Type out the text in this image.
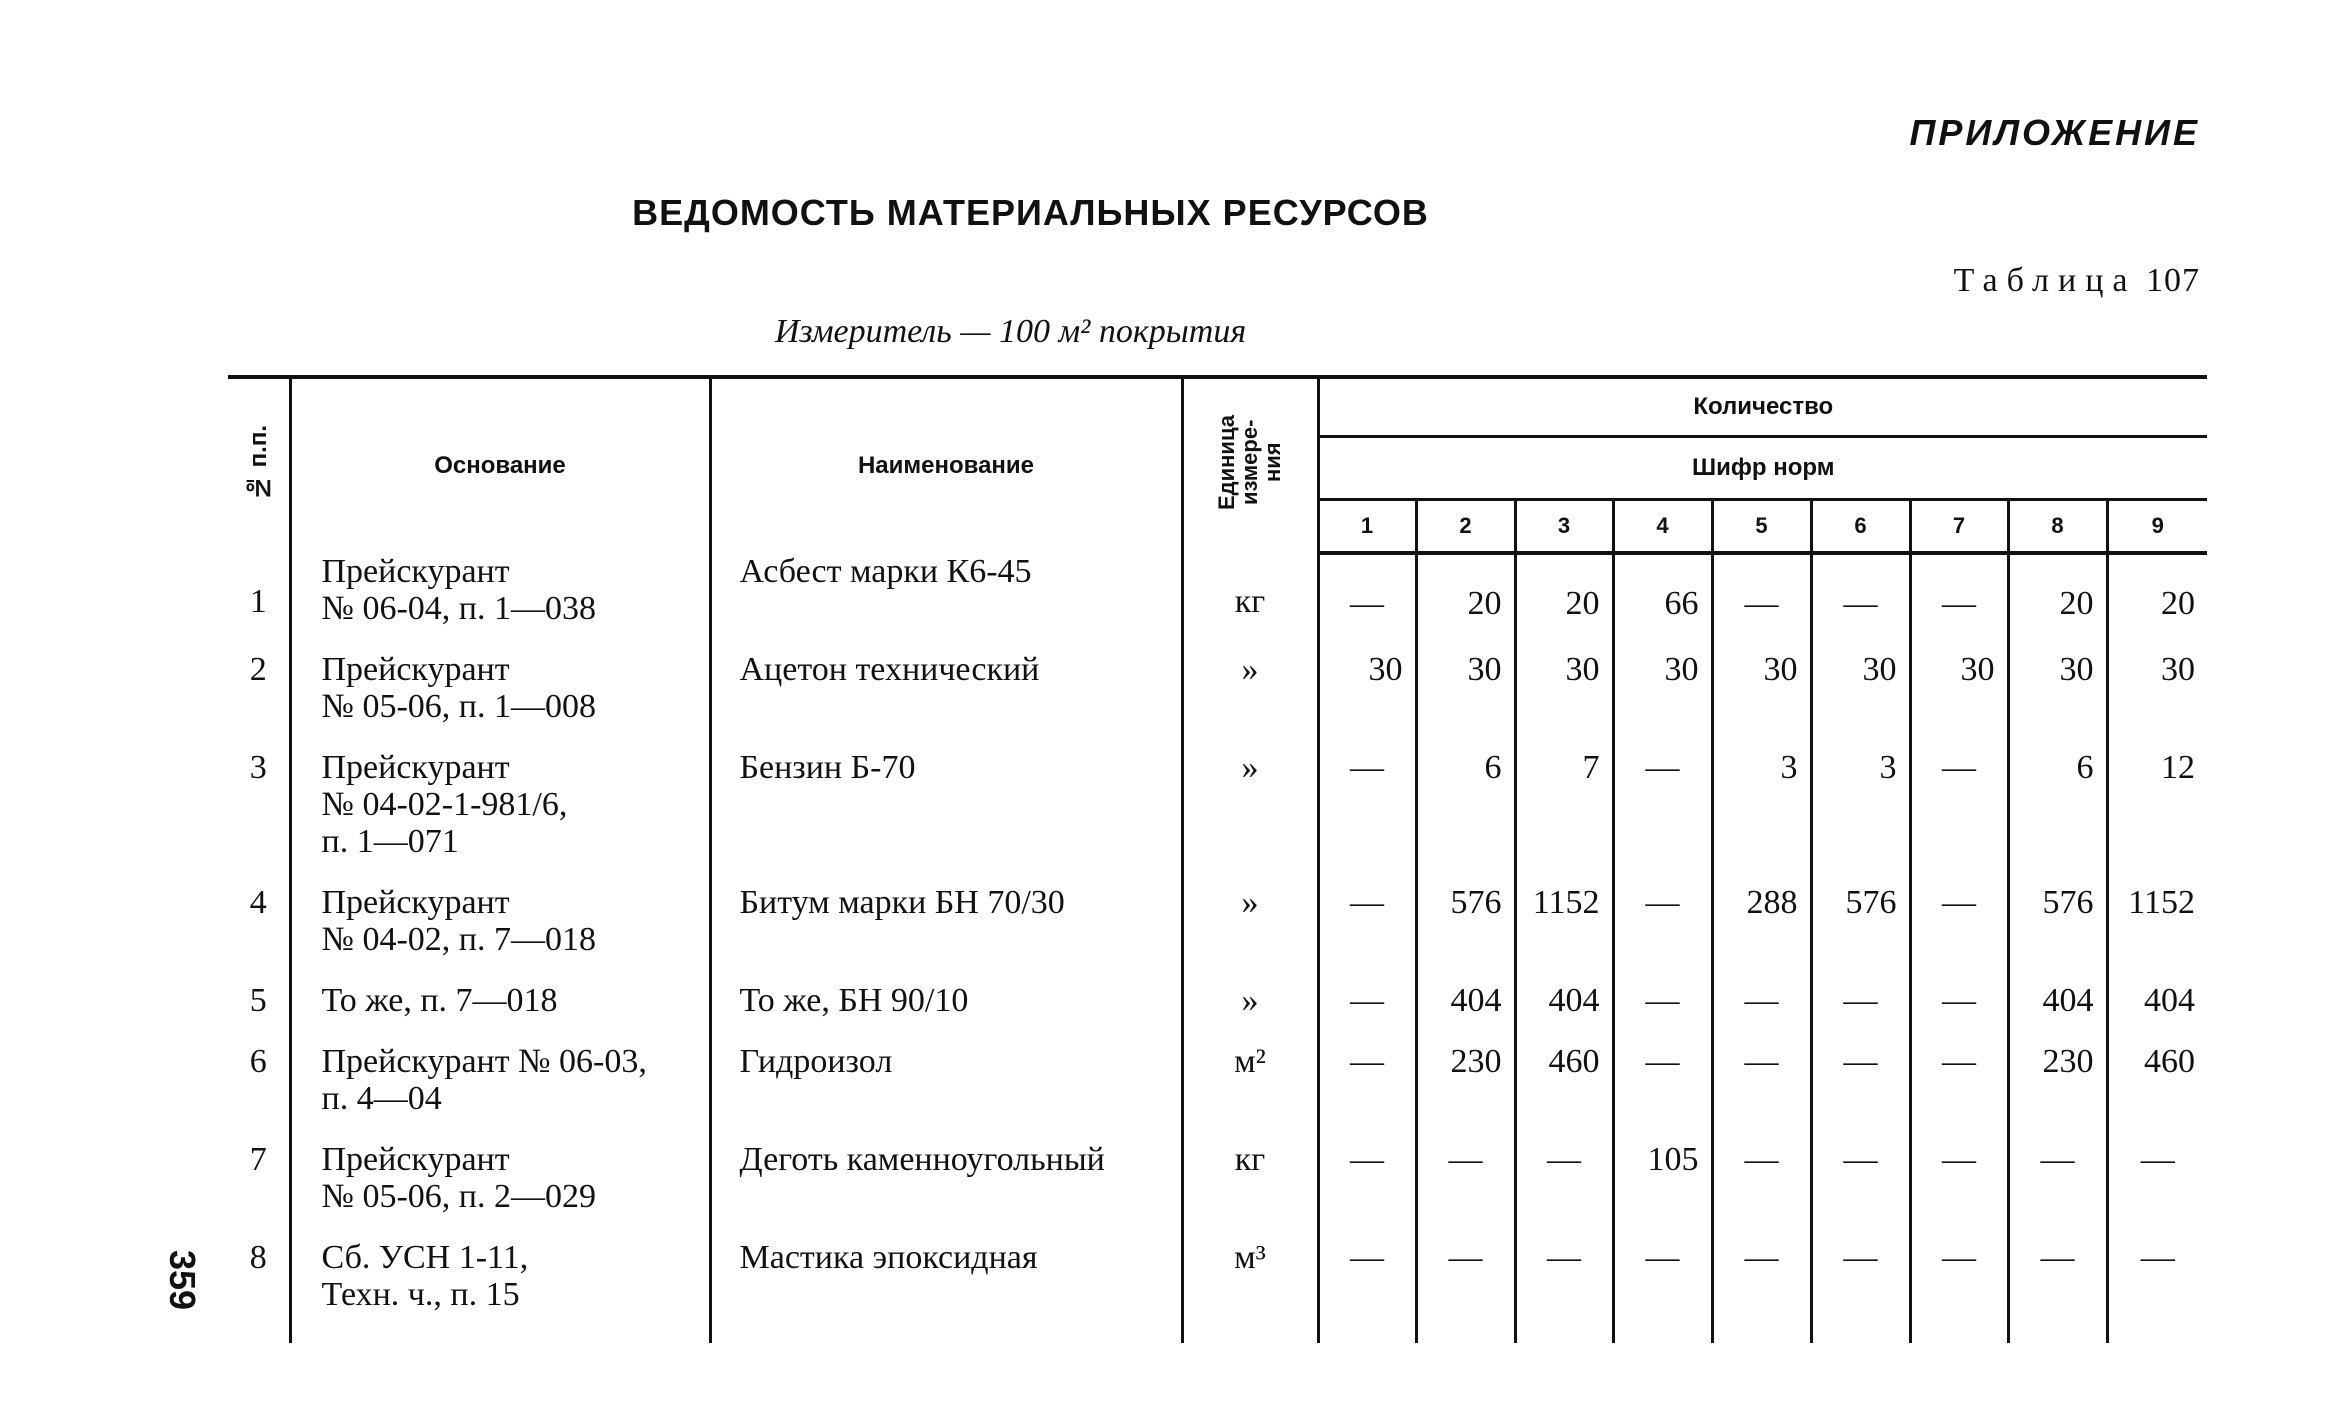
ПРИЛОЖЕНИЕ
ВЕДОМОСТЬ МАТЕРИАЛЬНЫХ РЕСУРСОВ
Таблица 107
Измеритель — 100 м² покрытия
№ п.п.	Основание	Наименование	Единица
измере-
ния	Количество								
				Шифр норм								
				1	2	3	4	5	6	7	8	9
1	Прейскурант
№ 06-04, п. 1—038	Асбест марки К6-45	кг	—	20	20	66	—	—	—	20	20
2	Прейскурант
№ 05-06, п. 1—008	Ацетон технический	»	30	30	30	30	30	30	30	30	30
3	Прейскурант
№ 04-02-1-981/6,
п. 1—071	Бензин Б-70	»	—	6	7	—	3	3	—	6	12
4	Прейскурант
№ 04-02, п. 7—018	Битум марки БН 70/30	»	—	576	1152	—	288	576	—	576	1152
5	То же, п. 7—018	То же, БН 90/10	»	—	404	404	—	—	—	—	404	404
6	Прейскурант № 06-03,
п. 4—04	Гидроизол	м²	—	230	460	—	—	—	—	230	460
7	Прейскурант
№ 05-06, п. 2—029	Деготь каменноугольный	кг	—	—	—	105	—	—	—	—	—
8	Сб. УСН 1-11,
Техн. ч., п. 15	Мастика эпоксидная	м³	—	—	—	—	—	—	—	—	—
359
